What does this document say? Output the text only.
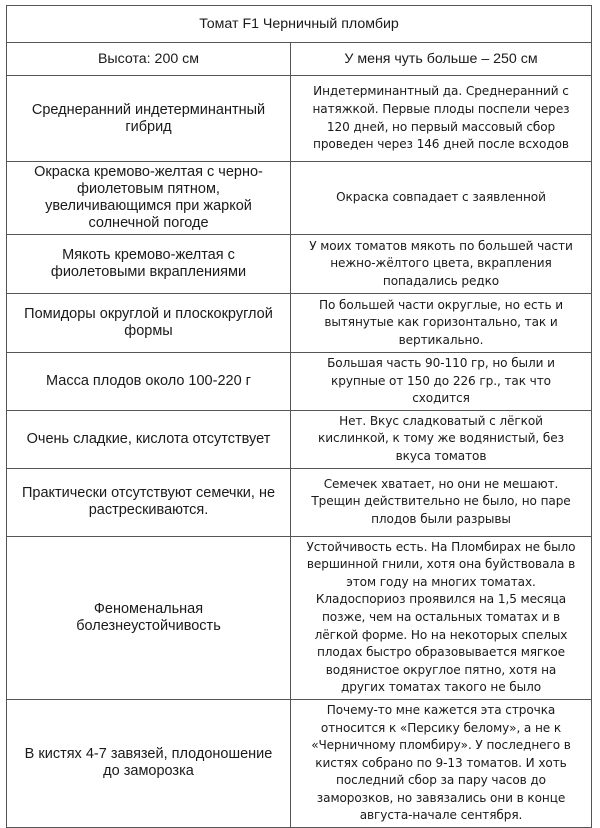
Томат F1 Черничный пломбир	
Высота: 200 см	У меня чуть больше – 250 см
Среднеранний индетерминантный гибрид	Индетерминантный да. Среднеранний с натяжкой. Первые плоды поспели через 120 дней, но первый массовый сбор проведен через 146 дней после всходов
Окраска кремово-желтая с черно-фиолетовым пятном, увеличивающимся при жаркой солнечной погоде	Окраска совпадает с заявленной
Мякоть кремово-желтая с фиолетовыми вкраплениями	У моих томатов мякоть по большей части нежно-жёлтого цвета, вкрапления попадались редко
Помидоры округлой и плоскокруглой формы	По большей части округлые, но есть и вытянутые как горизонтально, так и вертикально.
Масса плодов около 100-220 г	Большая часть 90-110 гр, но были и крупные от 150 до 226 гр., так что сходится
Очень сладкие, кислота отсутствует	Нет. Вкус сладковатый с лёгкой кислинкой, к тому же водянистый, без вкуса томатов
Практически отсутствуют семечки, не растрескиваются.	Семечек хватает, но они не мешают. Трещин действительно не было, но паре плодов были разрывы
Феноменальная болезнеустойчивость	Устойчивость есть. На Пломбирах не было вершинной гнили, хотя она буйствовала в этом году на многих томатах. Кладоспориоз проявился на 1,5 месяца позже, чем на остальных томатах и в лёгкой форме. Но на некоторых спелых плодах быстро образовывается мягкое водянистое округлое пятно, хотя на других томатах такого не было
В кистях 4-7 завязей, плодоношение до заморозка	Почему-то мне кажется эта строчка относится к «Персику белому», а не к «Черничному пломбиру». У последнего в кистях собрано по 9-13 томатов. И хоть последний сбор за пару часов до заморозков, но завязались они в конце августа-начале сентября.
